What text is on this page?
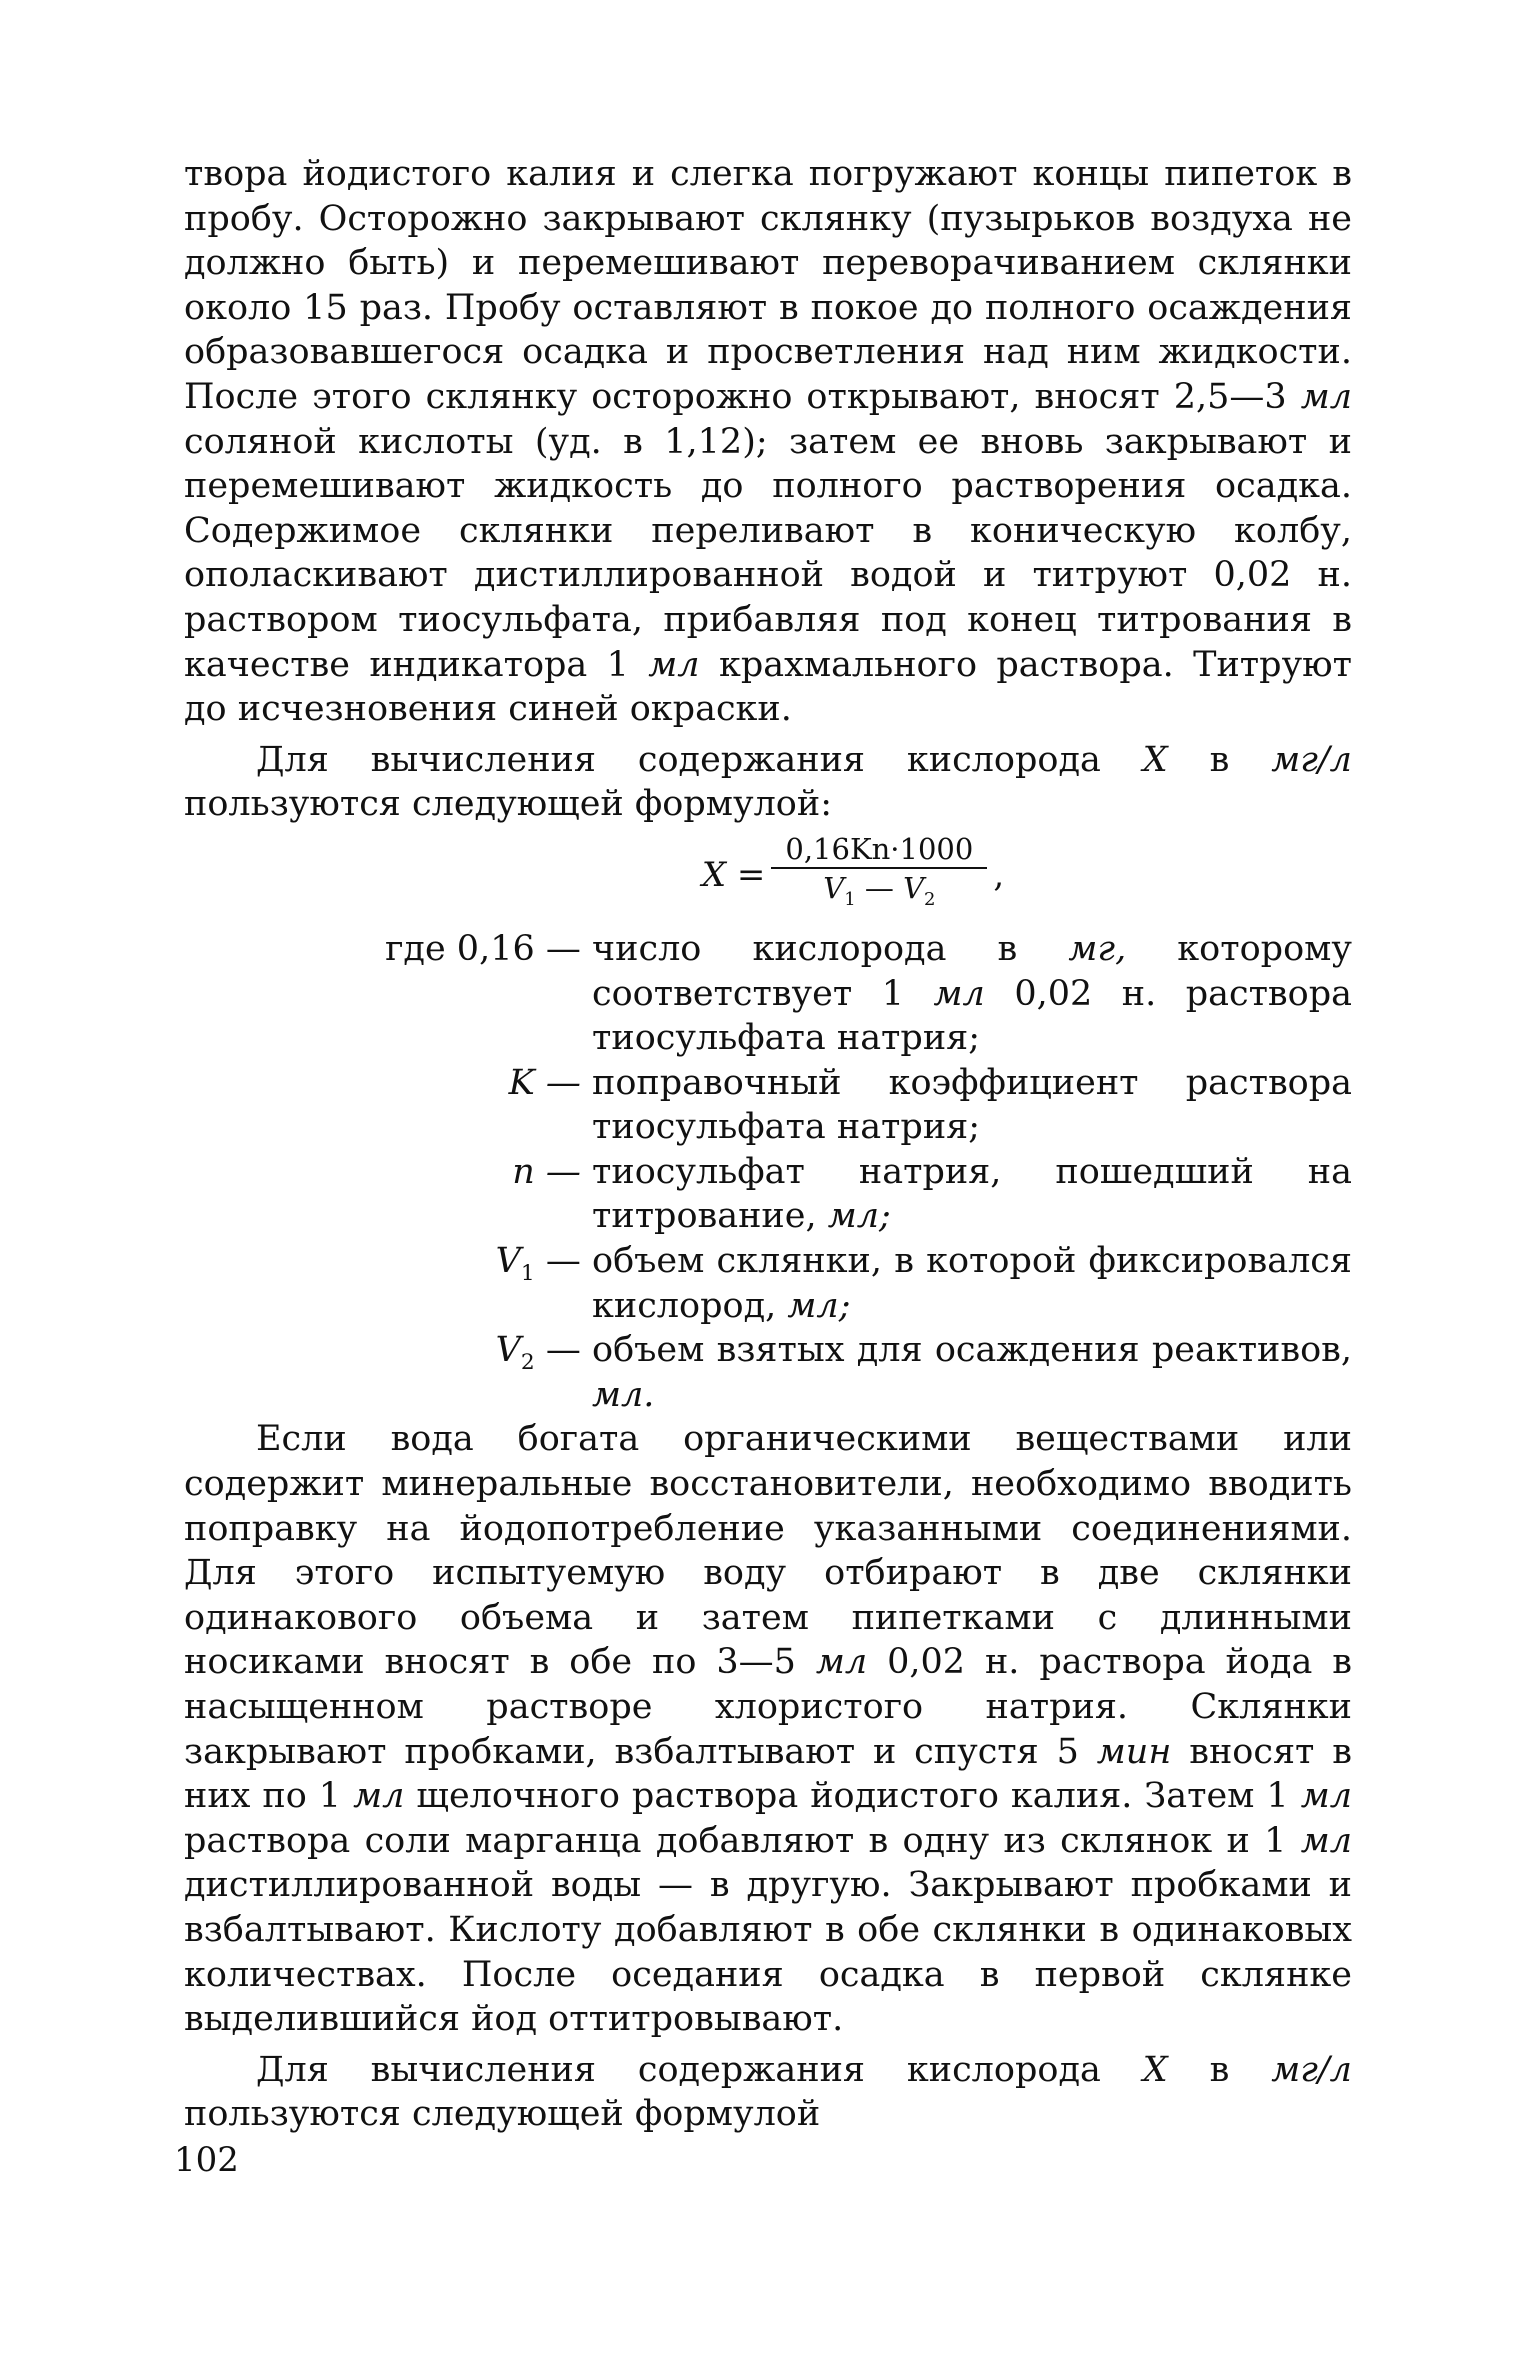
твора йодистого калия и слегка погружают концы пипеток в пробу. Осторожно закрывают склянку (пузырьков воздуха не должно быть) и перемешивают переворачиванием склянки около 15 раз. Пробу оставляют в покое до полного осаждения образовавшегося осадка и просветления над ним жидкости. После этого склянку осторожно открывают, вносят 2,5—3 мл соляной кислоты (уд. в 1,12); затем ее вновь закрывают и перемешивают жидкость до полного растворения осадка. Содержимое склянки переливают в коническую колбу, ополаскивают дистиллированной водой и титруют 0,02 н. раствором тиосульфата, прибавляя под конец титрования в качестве индикатора 1 мл крахмального раствора. Титруют до исчезновения синей окраски.

Для вычисления содержания кислорода X в мг/л пользуются следующей формулой:

$X = \frac{0,16Kn\cdot 1000}{V_1 — V_2}$ ,
где 0,16 — число кислорода в мг, которому соответствует 1 мл 0,02 н. раствора тиосульфата натрия;
K — поправочный коэффициент раствора тиосульфата натрия;
n — тиосульфат натрия, пошедший на титрование, мл;
$V_1$ — объем склянки, в которой фиксировался кислород, мл;
$V_2$ — объем взятых для осаждения реактивов, мл.

Если вода богата органическими веществами или содержит минеральные восстановители, необходимо вводить поправку на йодопотребление указанными соединениями. Для этого испытуемую воду отбирают в две склянки одинакового объема и затем пипетками с длинными носиками вносят в обе по 3—5 мл 0,02 н. раствора йода в насыщенном растворе хлористого натрия. Склянки закрывают пробками, взбалтывают и спустя 5 мин вносят в них по 1 мл щелочного раствора йодистого калия. Затем 1 мл раствора соли марганца добавляют в одну из склянок и 1 мл дистиллированной воды — в другую. Закрывают пробками и взбалтывают. Кислоту добавляют в обе склянки в одинаковых количествах. После оседания осадка в первой склянке выделившийся йод оттитровывают.

Для вычисления содержания кислорода X в мг/л пользуются следующей формулой

102
